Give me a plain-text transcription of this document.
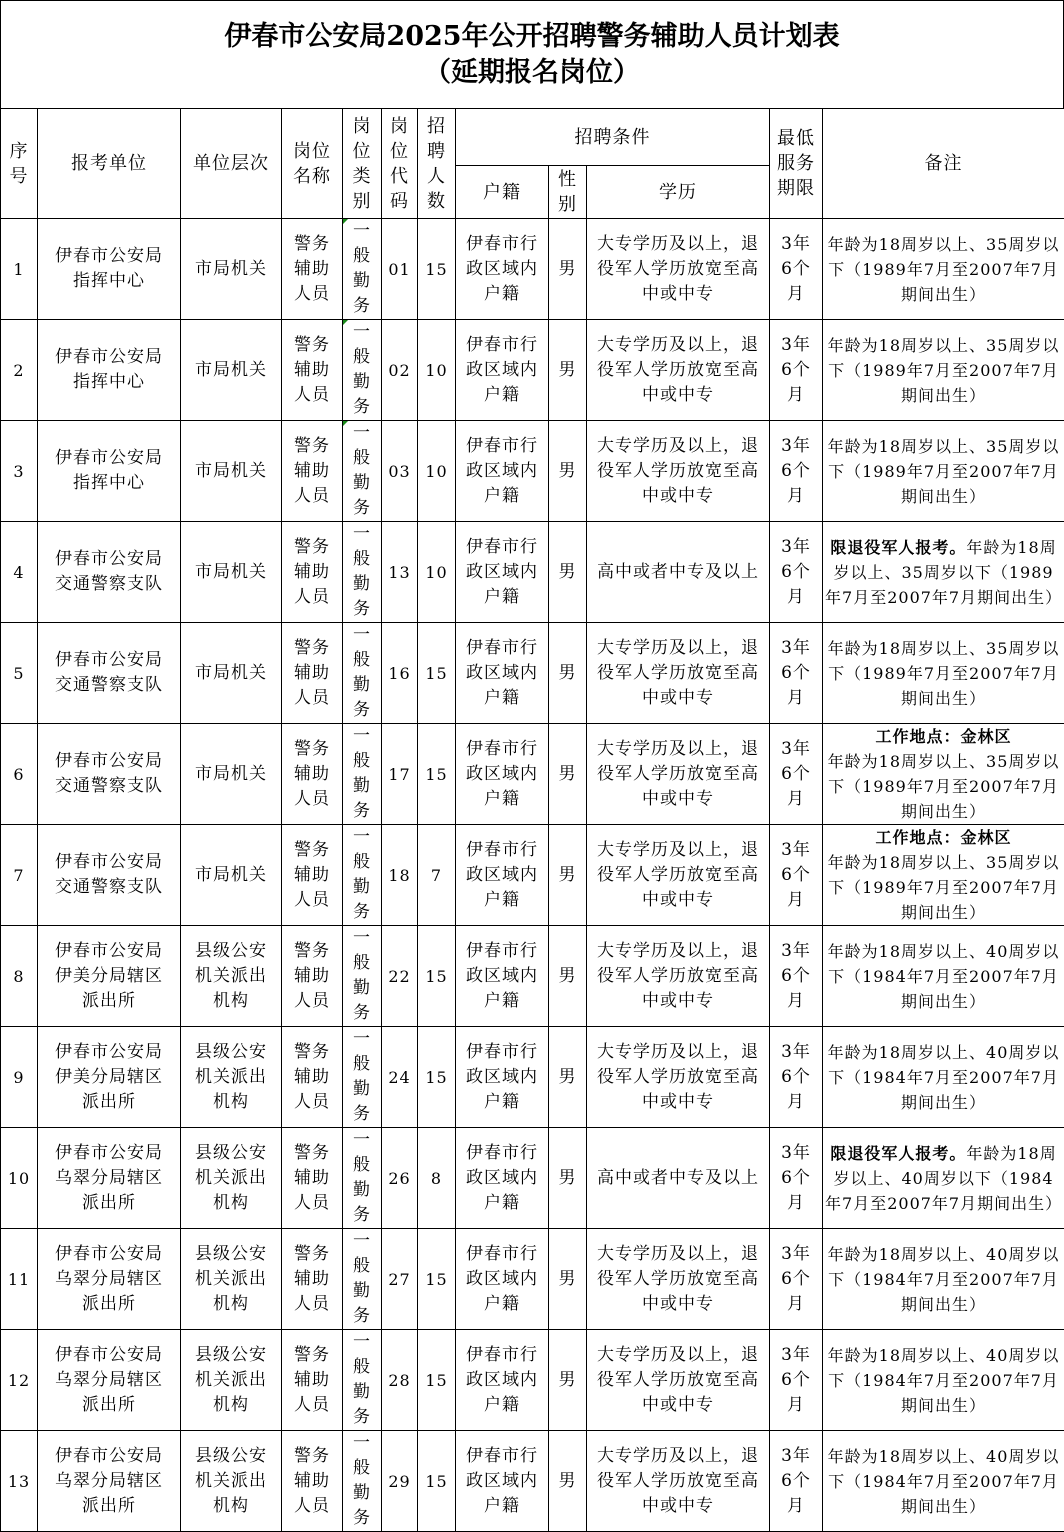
伊春市公安局2025年公开招聘警务辅助人员计划表
（延期报名岗位）
序号	报考单位	单位层次	岗位名称	岗位类别	岗位代码	招聘人数	招聘条件			最低服务期限	备注
							户籍	性别	学历		
1	伊春市公安局指挥中心	市局机关	警务辅助人员	一般勤务	01	15	伊春市行政区域内户籍	男	大专学历及以上，退役军人学历放宽至高中或中专	3年6个月	年龄为18周岁以上、35周岁以下（1989年7月至2007年7月期间出生）
2	伊春市公安局指挥中心	市局机关	警务辅助人员	一般勤务	02	10	伊春市行政区域内户籍	男	大专学历及以上，退役军人学历放宽至高中或中专	3年6个月	年龄为18周岁以上、35周岁以下（1989年7月至2007年7月期间出生）
3	伊春市公安局指挥中心	市局机关	警务辅助人员	一般勤务	03	10	伊春市行政区域内户籍	男	大专学历及以上，退役军人学历放宽至高中或中专	3年6个月	年龄为18周岁以上、35周岁以下（1989年7月至2007年7月期间出生）
4	伊春市公安局交通警察支队	市局机关	警务辅助人员	一般勤务	13	10	伊春市行政区域内户籍	男	高中或者中专及以上	3年6个月	限退役军人报考。年龄为18周岁以上、35周岁以下（1989年7月至2007年7月期间出生）
5	伊春市公安局交通警察支队	市局机关	警务辅助人员	一般勤务	16	15	伊春市行政区域内户籍	男	大专学历及以上，退役军人学历放宽至高中或中专	3年6个月	年龄为18周岁以上、35周岁以下（1989年7月至2007年7月期间出生）
6	伊春市公安局交通警察支队	市局机关	警务辅助人员	一般勤务	17	15	伊春市行政区域内户籍	男	大专学历及以上，退役军人学历放宽至高中或中专	3年6个月	工作地点：金林区
年龄为18周岁以上、35周岁以下（1989年7月至2007年7月期间出生）
7	伊春市公安局交通警察支队	市局机关	警务辅助人员	一般勤务	18	7	伊春市行政区域内户籍	男	大专学历及以上，退役军人学历放宽至高中或中专	3年6个月	工作地点：金林区
年龄为18周岁以上、35周岁以下（1989年7月至2007年7月期间出生）
8	伊春市公安局伊美分局辖区派出所	县级公安机关派出机构	警务辅助人员	一般勤务	22	15	伊春市行政区域内户籍	男	大专学历及以上，退役军人学历放宽至高中或中专	3年6个月	年龄为18周岁以上、40周岁以下（1984年7月至2007年7月期间出生）
9	伊春市公安局伊美分局辖区派出所	县级公安机关派出机构	警务辅助人员	一般勤务	24	15	伊春市行政区域内户籍	男	大专学历及以上，退役军人学历放宽至高中或中专	3年6个月	年龄为18周岁以上、40周岁以下（1984年7月至2007年7月期间出生）
10	伊春市公安局乌翠分局辖区派出所	县级公安机关派出机构	警务辅助人员	一般勤务	26	8	伊春市行政区域内户籍	男	高中或者中专及以上	3年6个月	限退役军人报考。年龄为18周岁以上、40周岁以下（1984年7月至2007年7月期间出生）
11	伊春市公安局乌翠分局辖区派出所	县级公安机关派出机构	警务辅助人员	一般勤务	27	15	伊春市行政区域内户籍	男	大专学历及以上，退役军人学历放宽至高中或中专	3年6个月	年龄为18周岁以上、40周岁以下（1984年7月至2007年7月期间出生）
12	伊春市公安局乌翠分局辖区派出所	县级公安机关派出机构	警务辅助人员	一般勤务	28	15	伊春市行政区域内户籍	男	大专学历及以上，退役军人学历放宽至高中或中专	3年6个月	年龄为18周岁以上、40周岁以下（1984年7月至2007年7月期间出生）
13	伊春市公安局乌翠分局辖区派出所	县级公安机关派出机构	警务辅助人员	一般勤务	29	15	伊春市行政区域内户籍	男	大专学历及以上，退役军人学历放宽至高中或中专	3年6个月	年龄为18周岁以上、40周岁以下（1984年7月至2007年7月期间出生）
